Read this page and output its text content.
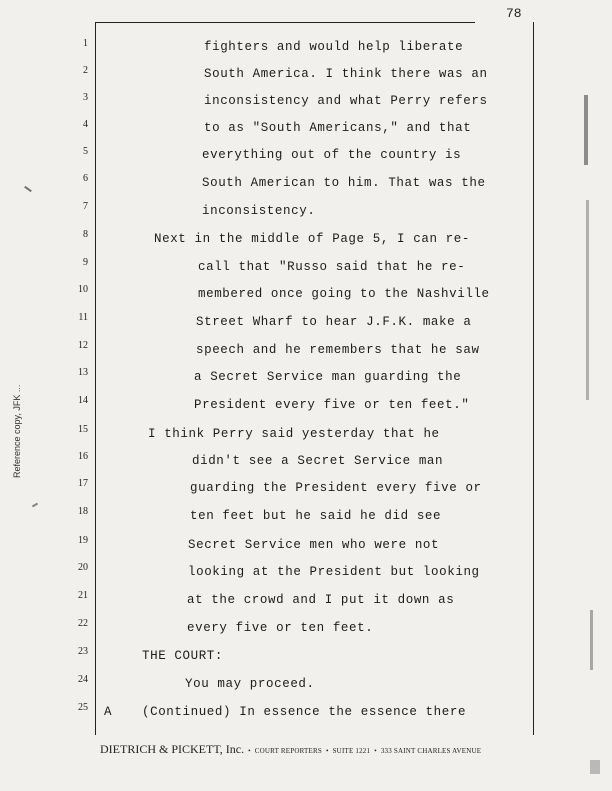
78
1
2
3
4
5
6
7
8
9
10
11
12
13
14
15
16
17
18
19
20
21
22
23
24
25
fighters and would help liberate
South America. I think there was an
inconsistency and what Perry refers
to as "South Americans," and that
everything out of the country is
South American to him. That was the
inconsistency.
Next in the middle of Page 5, I can re-
call that "Russo said that he re-
membered once going to the Nashville
Street Wharf to hear J.F.K. make a
speech and he remembers that he saw
a Secret Service man guarding the
President every five or ten feet."
I think Perry said yesterday that he
didn't see a Secret Service man
guarding the President every five or
ten feet but he said he did see
Secret Service men who were not
looking at the President but looking
at the crowd and I put it down as
every five or ten feet.
THE COURT:
You may proceed.
A (Continued) In essence the essence there
DIETRICH & PICKETT, Inc. • COURT REPORTERS • SUITE 1221 • 333 SAINT CHARLES AVENUE
Reference copy, JFK ...
